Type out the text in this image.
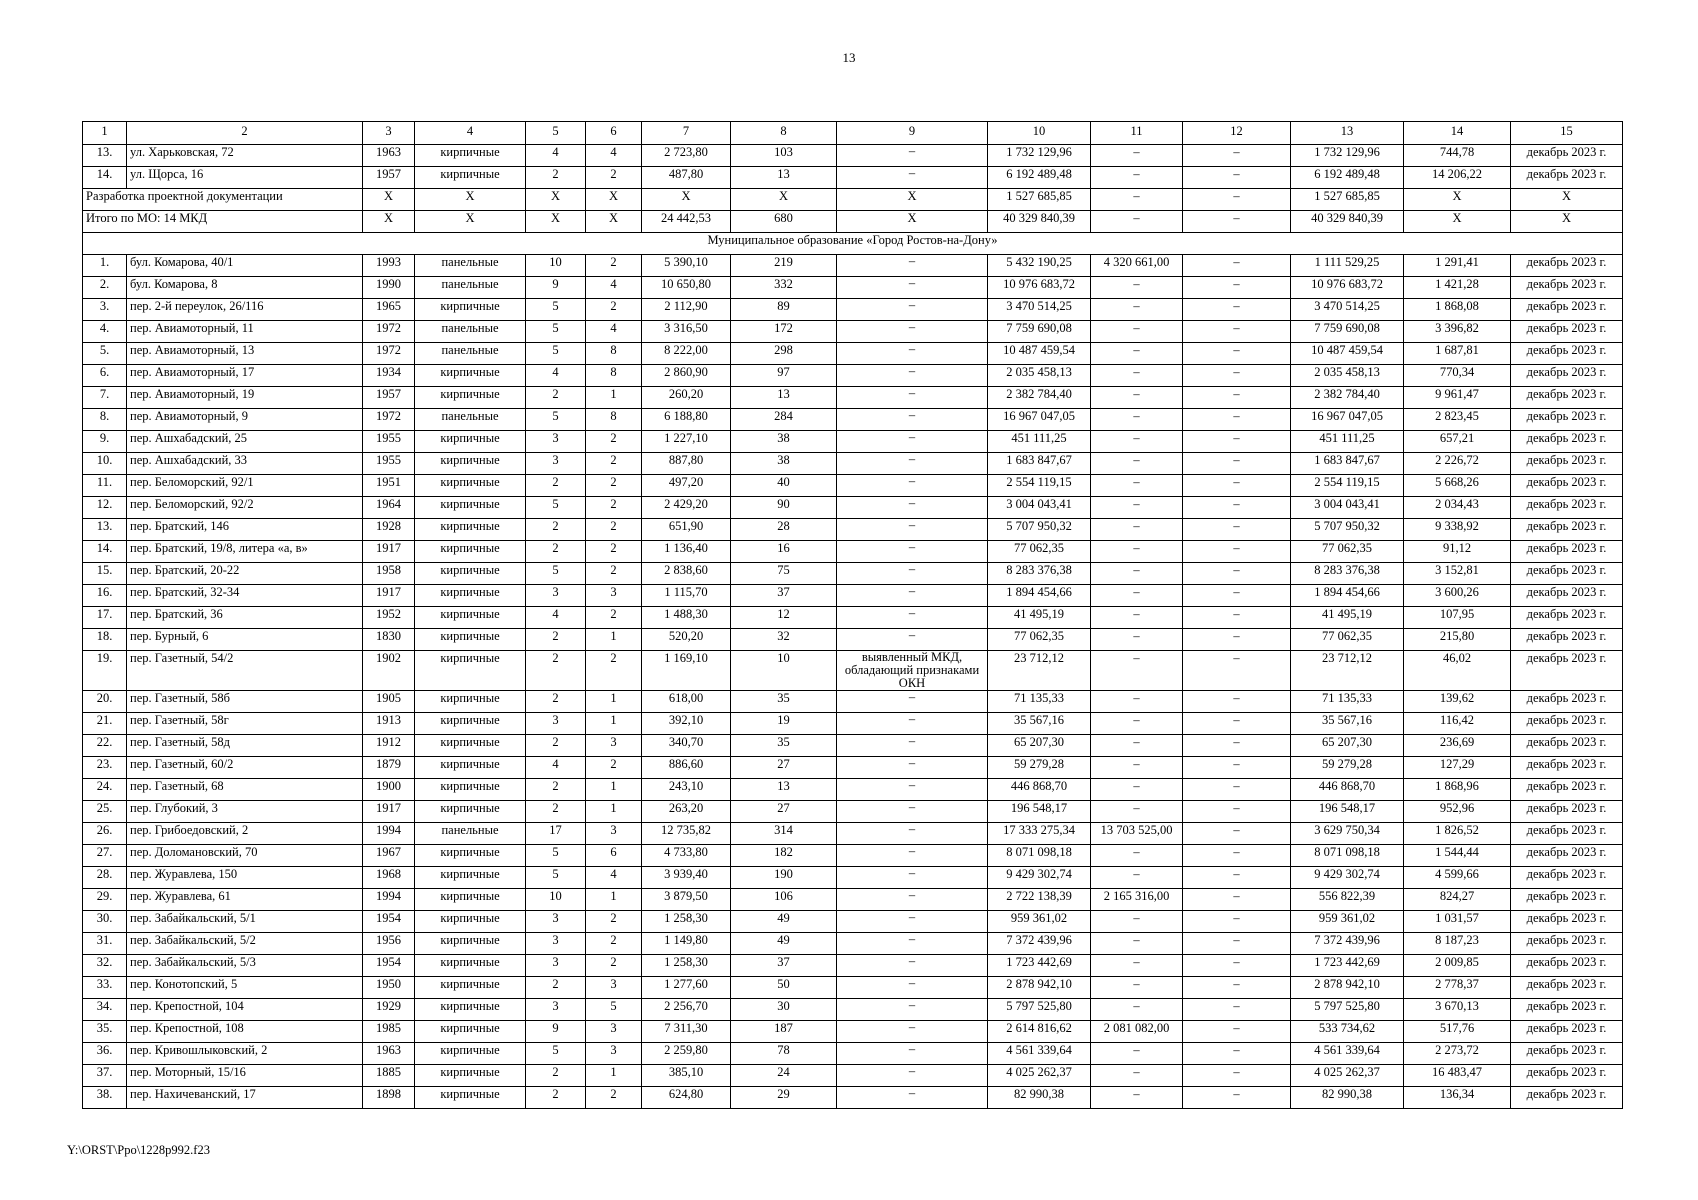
13
1	2	3	4	5	6	7	8	9	10	11	12	13	14	15
13.	ул. Харьковская, 72	1963	кирпичные	4	4	2 723,80	103	–	1 732 129,96	–	–	1 732 129,96	744,78	декабрь 2023 г.
14.	ул. Щорса, 16	1957	кирпичные	2	2	487,80	13	–	6 192 489,48	–	–	6 192 489,48	14 206,22	декабрь 2023 г.
Разработка проектной документации		X	X	X	X	X	X	X	1 527 685,85	–	–	1 527 685,85	X	X
Итого по МО: 14 МКД		X	X	X	X	24 442,53	680	X	40 329 840,39	–	–	40 329 840,39	X	X
Муниципальное образование «Город Ростов-на-Дону»														
1.	бул. Комарова, 40/1	1993	панельные	10	2	5 390,10	219	–	5 432 190,25	4 320 661,00	–	1 111 529,25	1 291,41	декабрь 2023 г.
2.	бул. Комарова, 8	1990	панельные	9	4	10 650,80	332	–	10 976 683,72	–	–	10 976 683,72	1 421,28	декабрь 2023 г.
3.	пер. 2-й переулок, 26/116	1965	кирпичные	5	2	2 112,90	89	–	3 470 514,25	–	–	3 470 514,25	1 868,08	декабрь 2023 г.
4.	пер. Авиамоторный, 11	1972	панельные	5	4	3 316,50	172	–	7 759 690,08	–	–	7 759 690,08	3 396,82	декабрь 2023 г.
5.	пер. Авиамоторный, 13	1972	панельные	5	8	8 222,00	298	–	10 487 459,54	–	–	10 487 459,54	1 687,81	декабрь 2023 г.
6.	пер. Авиамоторный, 17	1934	кирпичные	4	8	2 860,90	97	–	2 035 458,13	–	–	2 035 458,13	770,34	декабрь 2023 г.
7.	пер. Авиамоторный, 19	1957	кирпичные	2	1	260,20	13	–	2 382 784,40	–	–	2 382 784,40	9 961,47	декабрь 2023 г.
8.	пер. Авиамоторный, 9	1972	панельные	5	8	6 188,80	284	–	16 967 047,05	–	–	16 967 047,05	2 823,45	декабрь 2023 г.
9.	пер. Ашхабадский, 25	1955	кирпичные	3	2	1 227,10	38	–	451 111,25	–	–	451 111,25	657,21	декабрь 2023 г.
10.	пер. Ашхабадский, 33	1955	кирпичные	3	2	887,80	38	–	1 683 847,67	–	–	1 683 847,67	2 226,72	декабрь 2023 г.
11.	пер. Беломорский, 92/1	1951	кирпичные	2	2	497,20	40	–	2 554 119,15	–	–	2 554 119,15	5 668,26	декабрь 2023 г.
12.	пер. Беломорский, 92/2	1964	кирпичные	5	2	2 429,20	90	–	3 004 043,41	–	–	3 004 043,41	2 034,43	декабрь 2023 г.
13.	пер. Братский, 146	1928	кирпичные	2	2	651,90	28	–	5 707 950,32	–	–	5 707 950,32	9 338,92	декабрь 2023 г.
14.	пер. Братский, 19/8, литера «а, в»	1917	кирпичные	2	2	1 136,40	16	–	77 062,35	–	–	77 062,35	91,12	декабрь 2023 г.
15.	пер. Братский, 20-22	1958	кирпичные	5	2	2 838,60	75	–	8 283 376,38	–	–	8 283 376,38	3 152,81	декабрь 2023 г.
16.	пер. Братский, 32-34	1917	кирпичные	3	3	1 115,70	37	–	1 894 454,66	–	–	1 894 454,66	3 600,26	декабрь 2023 г.
17.	пер. Братский, 36	1952	кирпичные	4	2	1 488,30	12	–	41 495,19	–	–	41 495,19	107,95	декабрь 2023 г.
18.	пер. Бурный, 6	1830	кирпичные	2	1	520,20	32	–	77 062,35	–	–	77 062,35	215,80	декабрь 2023 г.
19.	пер. Газетный, 54/2	1902	кирпичные	2	2	1 169,10	10	выявленный МКД, обладающий признаками ОКН	23 712,12	–	–	23 712,12	46,02	декабрь 2023 г.
20.	пер. Газетный, 58б	1905	кирпичные	2	1	618,00	35	–	71 135,33	–	–	71 135,33	139,62	декабрь 2023 г.
21.	пер. Газетный, 58г	1913	кирпичные	3	1	392,10	19	–	35 567,16	–	–	35 567,16	116,42	декабрь 2023 г.
22.	пер. Газетный, 58д	1912	кирпичные	2	3	340,70	35	–	65 207,30	–	–	65 207,30	236,69	декабрь 2023 г.
23.	пер. Газетный, 60/2	1879	кирпичные	4	2	886,60	27	–	59 279,28	–	–	59 279,28	127,29	декабрь 2023 г.
24.	пер. Газетный, 68	1900	кирпичные	2	1	243,10	13	–	446 868,70	–	–	446 868,70	1 868,96	декабрь 2023 г.
25.	пер. Глубокий, 3	1917	кирпичные	2	1	263,20	27	–	196 548,17	–	–	196 548,17	952,96	декабрь 2023 г.
26.	пер. Грибоедовский, 2	1994	панельные	17	3	12 735,82	314	–	17 333 275,34	13 703 525,00	–	3 629 750,34	1 826,52	декабрь 2023 г.
27.	пер. Доломановский, 70	1967	кирпичные	5	6	4 733,80	182	–	8 071 098,18	–	–	8 071 098,18	1 544,44	декабрь 2023 г.
28.	пер. Журавлева, 150	1968	кирпичные	5	4	3 939,40	190	–	9 429 302,74	–	–	9 429 302,74	4 599,66	декабрь 2023 г.
29.	пер. Журавлева, 61	1994	кирпичные	10	1	3 879,50	106	–	2 722 138,39	2 165 316,00	–	556 822,39	824,27	декабрь 2023 г.
30.	пер. Забайкальский, 5/1	1954	кирпичные	3	2	1 258,30	49	–	959 361,02	–	–	959 361,02	1 031,57	декабрь 2023 г.
31.	пер. Забайкальский, 5/2	1956	кирпичные	3	2	1 149,80	49	–	7 372 439,96	–	–	7 372 439,96	8 187,23	декабрь 2023 г.
32.	пер. Забайкальский, 5/3	1954	кирпичные	3	2	1 258,30	37	–	1 723 442,69	–	–	1 723 442,69	2 009,85	декабрь 2023 г.
33.	пер. Конотопский, 5	1950	кирпичные	2	3	1 277,60	50	–	2 878 942,10	–	–	2 878 942,10	2 778,37	декабрь 2023 г.
34.	пер. Крепостной, 104	1929	кирпичные	3	5	2 256,70	30	–	5 797 525,80	–	–	5 797 525,80	3 670,13	декабрь 2023 г.
35.	пер. Крепостной, 108	1985	кирпичные	9	3	7 311,30	187	–	2 614 816,62	2 081 082,00	–	533 734,62	517,76	декабрь 2023 г.
36.	пер. Кривошлыковский, 2	1963	кирпичные	5	3	2 259,80	78	–	4 561 339,64	–	–	4 561 339,64	2 273,72	декабрь 2023 г.
37.	пер. Моторный, 15/16	1885	кирпичные	2	1	385,10	24	–	4 025 262,37	–	–	4 025 262,37	16 483,47	декабрь 2023 г.
38.	пер. Нахичеванский, 17	1898	кирпичные	2	2	624,80	29	–	82 990,38	–	–	82 990,38	136,34	декабрь 2023 г.
Y:\ORST\Ppo\1228p992.f23
